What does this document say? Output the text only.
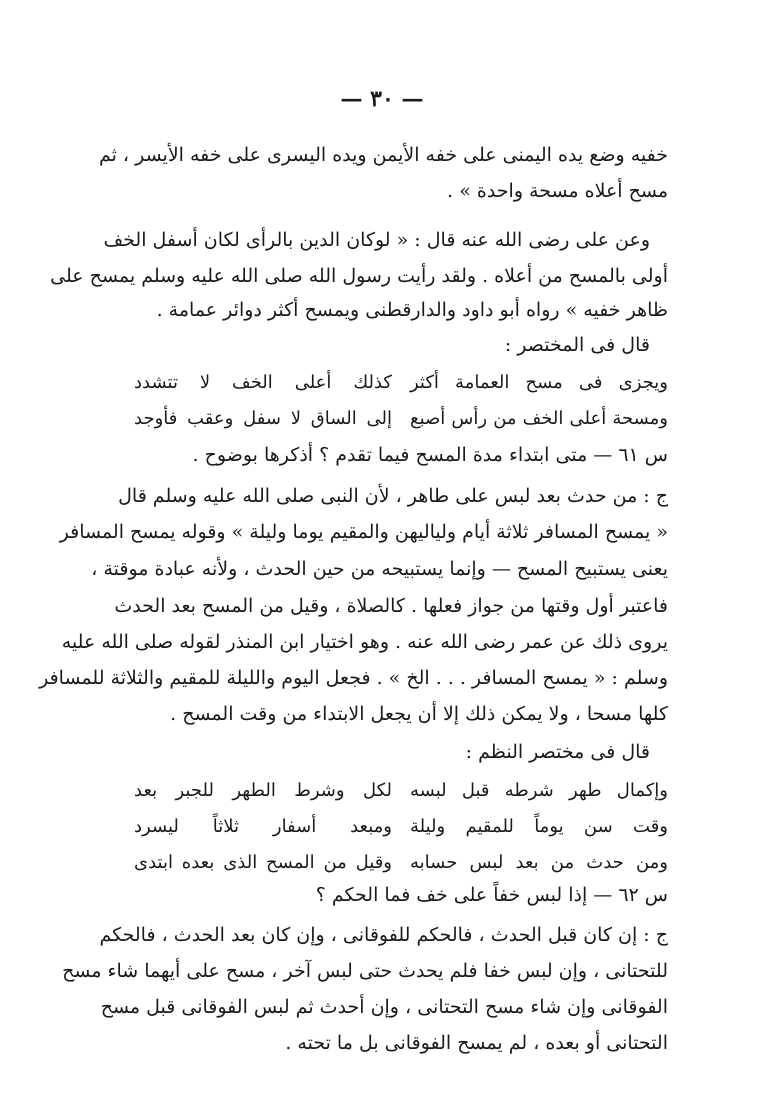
— ٣٠ —
خفيه وضع يده اليمنى على خفه الأيمن ويده اليسرى على خفه الأيسر ، ثم
مسح أعلاه مسحة واحدة » .
وعن على رضى الله عنه قال : « لوكان الدين بالرأى لكان أسفل الخف
أولى بالمسح من أعلاه . ولقد رأيت رسول الله صلى الله عليه وسلم يمسح على
ظاهر خفيه » رواه أبو داود والدارقطنى ويمسح أكثر دوائر عمامة .
قال فى المختصر :
ويجزى فى مسح العمامة أكثر
كذلك أعلى الخف لا تتشدد
ومسحة أعلى الخف من رأس أصبع
إلى الساق لا سفل وعقب فأوجد
س ٦١ — متى ابتداء مدة المسح فيما تقدم ؟ أذكرها بوضوح .
ج : من حدث بعد لبس على طاهر ، لأن النبى صلى الله عليه وسلم قال
« يمسح المسافر ثلاثة أيام ولياليهن والمقيم يوما وليلة » وقوله يمسح المسافر
يعنى يستبيح المسح — وإنما يستبيحه من حين الحدث ، ولأنه عبادة موقتة ،
فاعتبر أول وقتها من جواز فعلها . كالصلاة ، وقيل من المسح بعد الحدث
يروى ذلك عن عمر رضى الله عنه . وهو اختيار ابن المنذر لقوله صلى الله عليه
وسلم : « يمسح المسافر . . . الخ » . فجعل اليوم والليلة للمقيم والثلاثة للمسافر
كلها مسحا ، ولا يمكن ذلك إلا أن يجعل الابتداء من وقت المسح .
قال فى مختصر النظم :
وإكمال طهر شرطه قبل لبسه
لكل وشرط الطهر للجبر بعد
وقت سن يوماً للمقيم وليلة
ومبعد أسفار ثلاثاً ليسرد
ومن حدث من بعد لبس حسابه
وقيل من المسح الذى بعده ابتدى
س ٦٢ — إذا لبس خفاً على خف فما الحكم ؟
ج : إن كان قبل الحدث ، فالحكم للفوقانى ، وإن كان بعد الحدث ، فالحكم
للتحتانى ، وإن لبس خفا فلم يحدث حتى لبس آخر ، مسح على أيهما شاء مسح
الفوقانى وإن شاء مسح التحتانى ، وإن أحدث ثم لبس الفوقانى قبل مسح
التحتانى أو بعده ، لم يمسح الفوقانى بل ما تحته .
